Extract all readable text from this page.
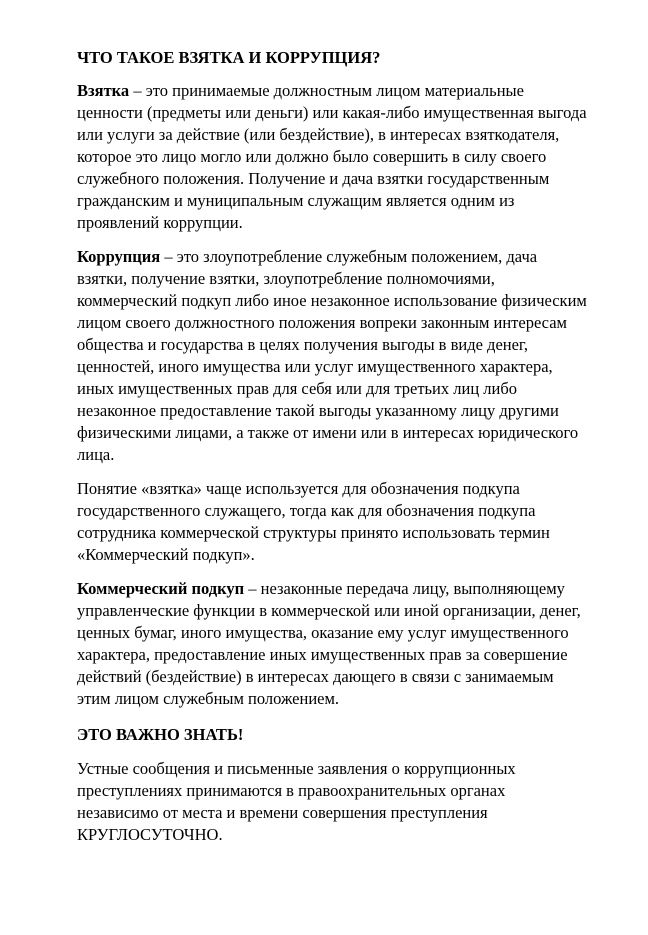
ЧТО ТАКОЕ ВЗЯТКА И КОРРУПЦИЯ?
Взятка – это принимаемые должностным лицом материальные
ценности (предметы или деньги) или какая-либо имущественная выгода
или услуги за действие (или бездействие), в интересах взяткодателя,
которое это лицо могло или должно было совершить в силу своего
служебного положения. Получение и дача взятки государственным
гражданским и муниципальным служащим является одним из
проявлений коррупции.
Коррупция – это злоупотребление служебным положением, дача
взятки, получение взятки, злоупотребление полномочиями,
коммерческий подкуп либо иное незаконное использование физическим
лицом своего должностного положения вопреки законным интересам
общества и государства в целях получения выгоды в виде денег,
ценностей, иного имущества или услуг имущественного характера,
иных имущественных прав для себя или для третьих лиц либо
незаконное предоставление такой выгоды указанному лицу другими
физическими лицами, а также от имени или в интересах юридического
лица.
Понятие «взятка» чаще используется для обозначения подкупа
государственного служащего, тогда как для обозначения подкупа
сотрудника коммерческой структуры принято использовать термин
«Коммерческий подкуп».
Коммерческий подкуп – незаконные передача лицу, выполняющему
управленческие функции в коммерческой или иной организации, денег,
ценных бумаг, иного имущества, оказание ему услуг имущественного
характера, предоставление иных имущественных прав за совершение
действий (бездействие) в интересах дающего в связи с занимаемым
этим лицом служебным положением.
ЭТО ВАЖНО ЗНАТЬ!
Устные сообщения и письменные заявления о коррупционных
преступлениях принимаются в правоохранительных органах
независимо от места и времени совершения преступления
КРУГЛОСУТОЧНО.
